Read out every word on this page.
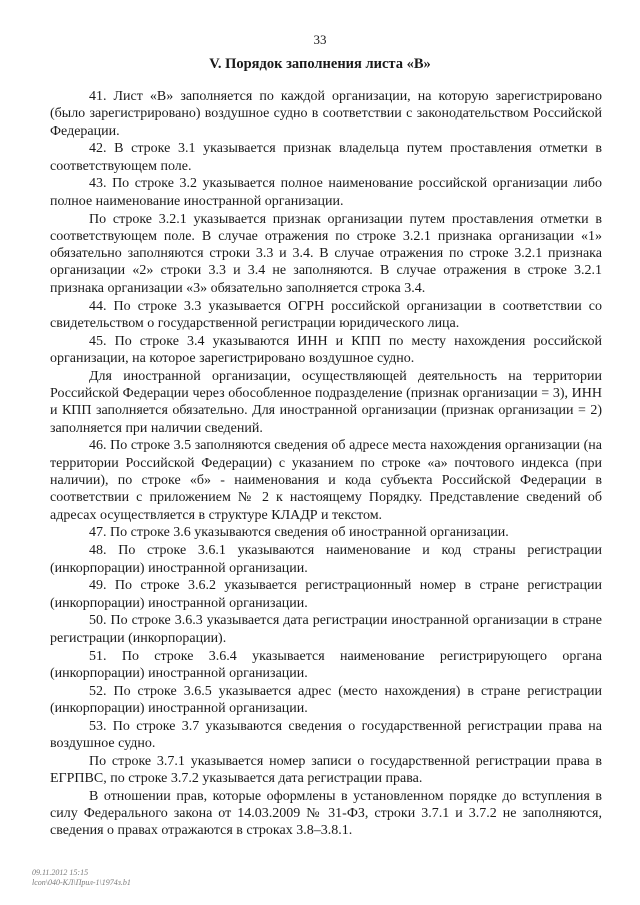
33
V. Порядок заполнения листа «В»

41. Лист «В» заполняется по каждой организации, на которую зарегистрировано (было зарегистрировано) воздушное судно в соответствии с законодательством Российской Федерации.

42. В строке 3.1 указывается признак владельца путем проставления отметки в соответствующем поле.

43. По строке 3.2 указывается полное наименование российской организации либо полное наименование иностранной организации.

По строке 3.2.1 указывается признак организации путем проставления отметки в соответствующем поле. В случае отражения по строке 3.2.1 признака организации «1» обязательно заполняются строки 3.3 и 3.4. В случае отражения по строке 3.2.1 признака организации «2» строки 3.3 и 3.4 не заполняются. В случае отражения в строке 3.2.1 признака организации «3» обязательно заполняется строка 3.4.

44. По строке 3.3 указывается ОГРН российской организации в соответствии со свидетельством о государственной регистрации юридического лица.

45. По строке 3.4 указываются ИНН и КПП по месту нахождения российской организации, на которое зарегистрировано воздушное судно.

Для иностранной организации, осуществляющей деятельность на территории Российской Федерации через обособленное подразделение (признак организации = 3), ИНН и КПП заполняется обязательно. Для иностранной организации (признак организации = 2) заполняется при наличии сведений.

46. По строке 3.5 заполняются сведения об адресе места нахождения организации (на территории Российской Федерации) с указанием по строке «а» почтового индекса (при наличии), по строке «б» - наименования и кода субъекта Российской Федерации в соответствии с приложением № 2 к настоящему Порядку. Представление сведений об адресах осуществляется в структуре КЛАДР и текстом.

47. По строке 3.6 указываются сведения об иностранной организации.

48. По строке 3.6.1 указываются наименование и код страны регистрации (инкорпорации) иностранной организации.

49. По строке 3.6.2 указывается регистрационный номер в стране регистрации (инкорпорации) иностранной организации.

50. По строке 3.6.3 указывается дата регистрации иностранной организации в стране регистрации (инкорпорации).

51. По строке 3.6.4 указывается наименование регистрирующего органа (инкорпорации) иностранной организации.

52. По строке 3.6.5 указывается адрес (место нахождения) в стране регистрации (инкорпорации) иностранной организации.

53. По строке 3.7 указываются сведения о государственной регистрации права на воздушное судно.

По строке 3.7.1 указывается номер записи о государственной регистрации права в ЕГРПВС, по строке 3.7.2 указывается дата регистрации права.

В отношении прав, которые оформлены в установленном порядке до вступления в силу Федерального закона от 14.03.2009 № 31-ФЗ, строки 3.7.1 и 3.7.2 не заполняются, сведения о правах отражаются в строках 3.8–3.8.1.

09.11.2012 15:15
lcon\040-КЛ\Прил-1\1974з.b1
